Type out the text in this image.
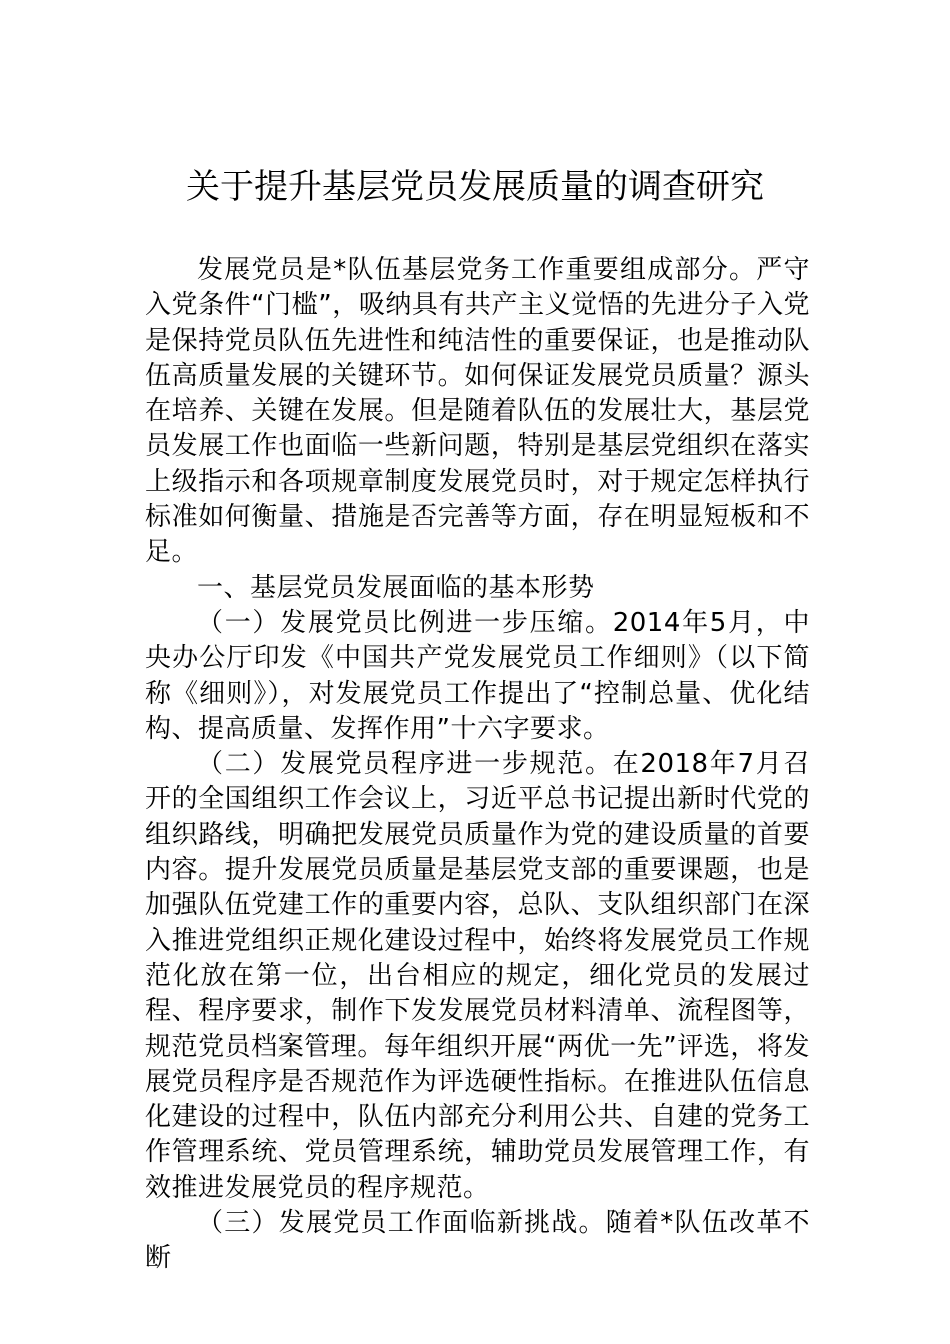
关于提升基层党员发展质量的调查研究

发展党员是*队伍基层党务工作重要组成部分。严守入党条件“门槛”，吸纳具有共产主义觉悟的先进分子入党是保持党员队伍先进性和纯洁性的重要保证，也是推动队伍高质量发展的关键环节。如何保证发展党员质量？源头在培养、关键在发展。但是随着队伍的发展壮大，基层党员发展工作也面临一些新问题，特别是基层党组织在落实上级指示和各项规章制度发展党员时，对于规定怎样执行标准如何衡量、措施是否完善等方面，存在明显短板和不足。

一、基层党员发展面临的基本形势

（一）发展党员比例进一步压缩。2014年5月，中央办公厅印发《中国共产党发展党员工作细则》（以下简称《细则》），对发展党员工作提出了“控制总量、优化结构、提高质量、发挥作用”十六字要求。

（二）发展党员程序进一步规范。在2018年7月召开的全国组织工作会议上，习近平总书记提出新时代党的组织路线，明确把发展党员质量作为党的建设质量的首要内容。提升发展党员质量是基层党支部的重要课题，也是加强队伍党建工作的重要内容，总队、支队组织部门在深入推进党组织正规化建设过程中，始终将发展党员工作规范化放在第一位，出台相应的规定，细化党员的发展过程、程序要求，制作下发发展党员材料清单、流程图等，规范党员档案管理。每年组织开展“两优一先”评选，将发展党员程序是否规范作为评选硬性指标。在推进队伍信息化建设的过程中，队伍内部充分利用公共、自建的党务工作管理系统、党员管理系统，辅助党员发展管理工作，有效推进发展党员的程序规范。

（三）发展党员工作面临新挑战。随着*队伍改革不断
